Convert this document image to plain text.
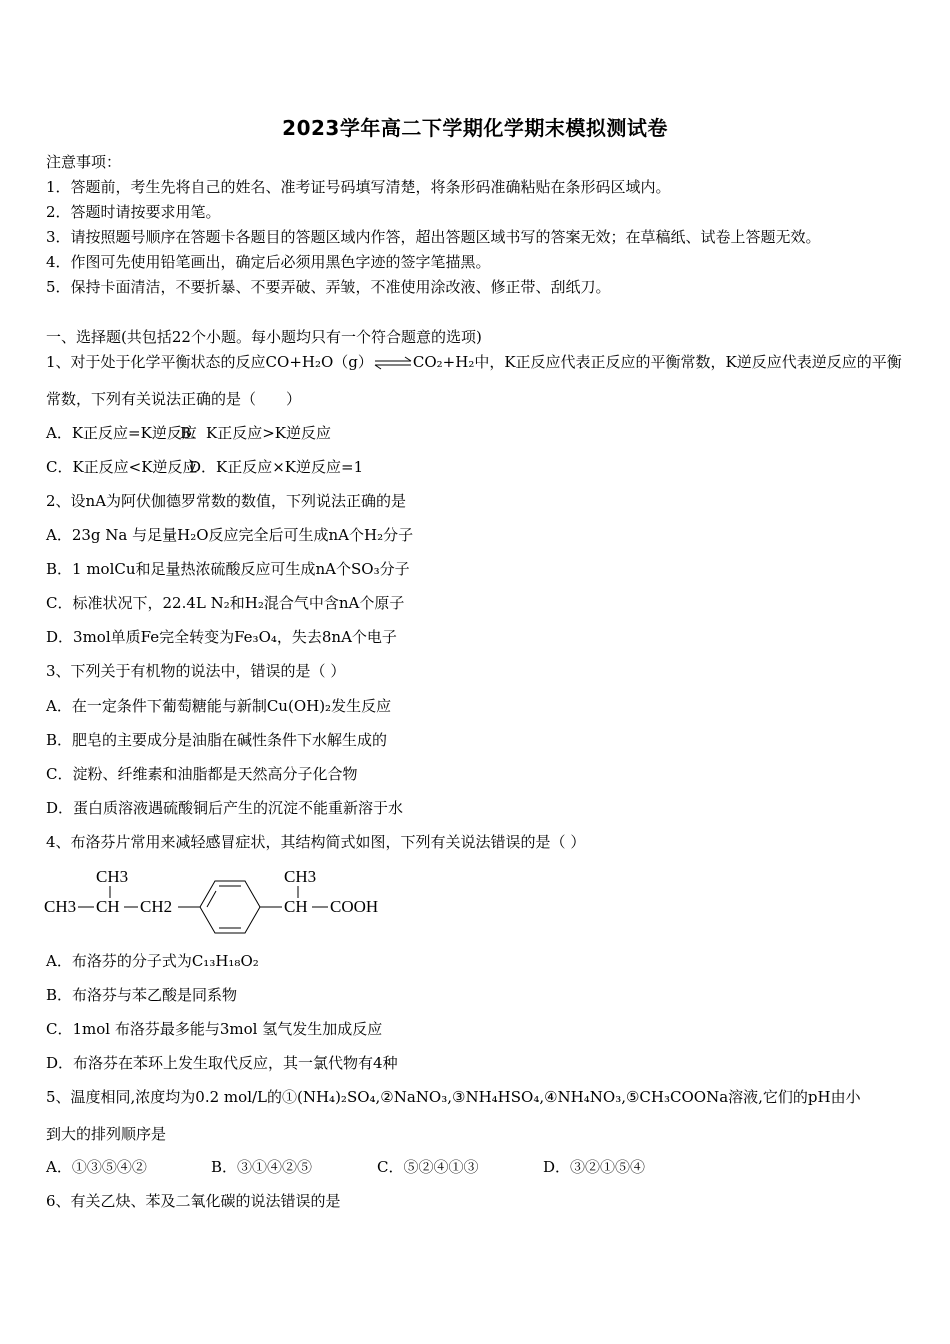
2023学年高二下学期化学期末模拟测试卷
注意事项：
1．答题前，考生先将自己的姓名、准考证号码填写清楚，将条形码准确粘贴在条形码区域内。
2．答题时请按要求用笔。
3．请按照题号顺序在答题卡各题目的答题区域内作答，超出答题区域书写的答案无效；在草稿纸、试卷上答题无效。
4．作图可先使用铅笔画出，确定后必须用黑色字迹的签字笔描黑。
5．保持卡面清洁，不要折暴、不要弄破、弄皱，不准使用涂改液、修正带、刮纸刀。
一、选择题(共包括22个小题。每小题均只有一个符合题意的选项)
1、对于处于化学平衡状态的反应CO+H₂O（g）⇌CO₂+H₂中，K正反应代表正反应的平衡常数，K逆反应代表逆反应的平衡
常数，下列有关说法正确的是（　　）
A．K正反应=K逆反应B．K正反应>K逆反应
C．K正反应<K逆反应D．K正反应×K逆反应=1
2、设nA为阿伏伽德罗常数的数值，下列说法正确的是
A．23g Na 与足量H₂O反应完全后可生成nA个H₂分子
B．1 molCu和足量热浓硫酸反应可生成nA个SO₃分子
C．标准状况下，22.4L N₂和H₂混合气中含nA个原子
D．3mol单质Fe完全转变为Fe₃O₄，失去8nA个电子
3、下列关于有机物的说法中，错误的是（ ）
A．在一定条件下葡萄糖能与新制Cu(OH)₂发生反应
B．肥皂的主要成分是油脂在碱性条件下水解生成的
C．淀粉、纤维素和油脂都是天然高分子化合物
D．蛋白质溶液遇硫酸铜后产生的沉淀不能重新溶于水
4、布洛芬片常用来减轻感冒症状，其结构简式如图，下列有关说法错误的是（ ）
CH3
CH3 CH CH2
CH3
CH COOH
A．布洛芬的分子式为C₁₃H₁₈O₂
B．布洛芬与苯乙酸是同系物
C．1mol 布洛芬最多能与3mol 氢气发生加成反应
D．布洛芬在苯环上发生取代反应，其一氯代物有4种
5、温度相同,浓度均为0.2 mol/L的①(NH₄)₂SO₄,②NaNO₃,③NH₄HSO₄,④NH₄NO₃,⑤CH₃COONa溶液,它们的pH由小
到大的排列顺序是
A．①③⑤④②	B．③①④②⑤	C．⑤②④①③	D．③②①⑤④
6、有关乙炔、苯及二氧化碳的说法错误的是
